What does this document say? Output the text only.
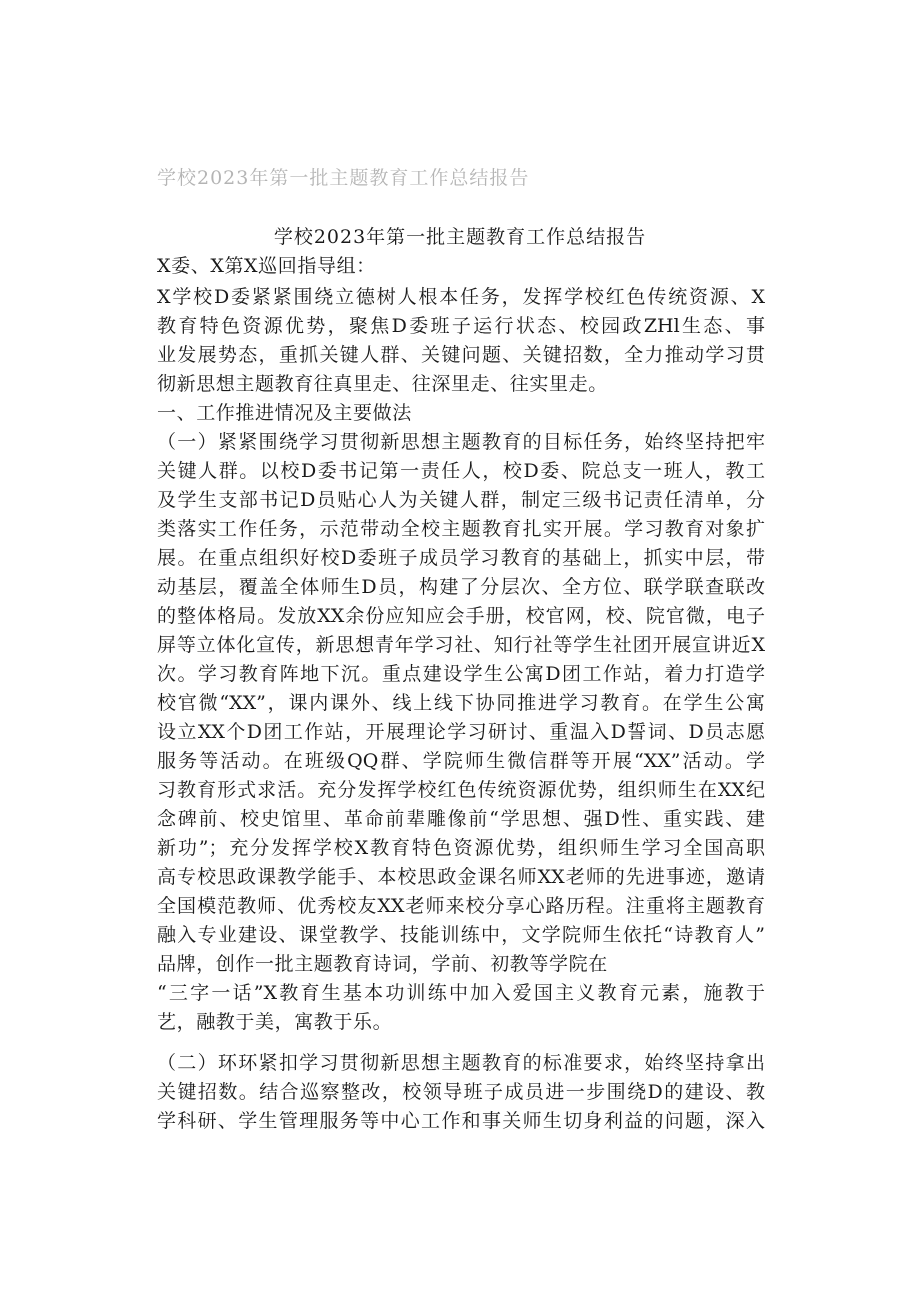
学校2023年第一批主题教育工作总结报告
学校2023年第一批主题教育工作总结报告
X委、X第X巡回指导组：
X学校D委紧紧围绕立德树人根本任务，发挥学校红色传统资源、X
教育特色资源优势，聚焦D委班子运行状态、校园政ZHl生态、事
业发展势态，重抓关键人群、关键问题、关键招数，全力推动学习贯
彻新思想主题教育往真里走、往深里走、往实里走。
一、工作推进情况及主要做法
（一）紧紧围绕学习贯彻新思想主题教育的目标任务，始终坚持把牢
关键人群。以校D委书记第一责任人，校D委、院总支一班人，教工
及学生支部书记D员贴心人为关键人群，制定三级书记责任清单，分
类落实工作任务，示范带动全校主题教育扎实开展。学习教育对象扩
展。在重点组织好校D委班子成员学习教育的基础上，抓实中层，带
动基层，覆盖全体师生D员，构建了分层次、全方位、联学联查联改
的整体格局。发放XX余份应知应会手册，校官网，校、院官微，电子
屏等立体化宣传，新思想青年学习社、知行社等学生社团开展宣讲近X
次。学习教育阵地下沉。重点建设学生公寓D团工作站，着力打造学
校官微“XX”，课内课外、线上线下协同推进学习教育。在学生公寓
设立XX个D团工作站，开展理论学习研讨、重温入D誓词、D员志愿
服务等活动。在班级QQ群、学院师生微信群等开展“XX”活动。学
习教育形式求活。充分发挥学校红色传统资源优势，组织师生在XX纪
念碑前、校史馆里、革命前辈雕像前“学思想、强D性、重实践、建
新功”；充分发挥学校X教育特色资源优势，组织师生学习全国高职
高专校思政课教学能手、本校思政金课名师XX老师的先进事迹，邀请
全国模范教师、优秀校友XX老师来校分享心路历程。注重将主题教育
融入专业建设、课堂教学、技能训练中，文学院师生依托“诗教育人”
品牌，创作一批主题教育诗词，学前、初教等学院在
“三字一话”X教育生基本功训练中加入爱国主义教育元素，施教于
艺，融教于美，寓教于乐。
（二）环环紧扣学习贯彻新思想主题教育的标准要求，始终坚持拿出
关键招数。结合巡察整改，校领导班子成员进一步围绕D的建设、教
学科研、学生管理服务等中心工作和事关师生切身利益的问题，深入
